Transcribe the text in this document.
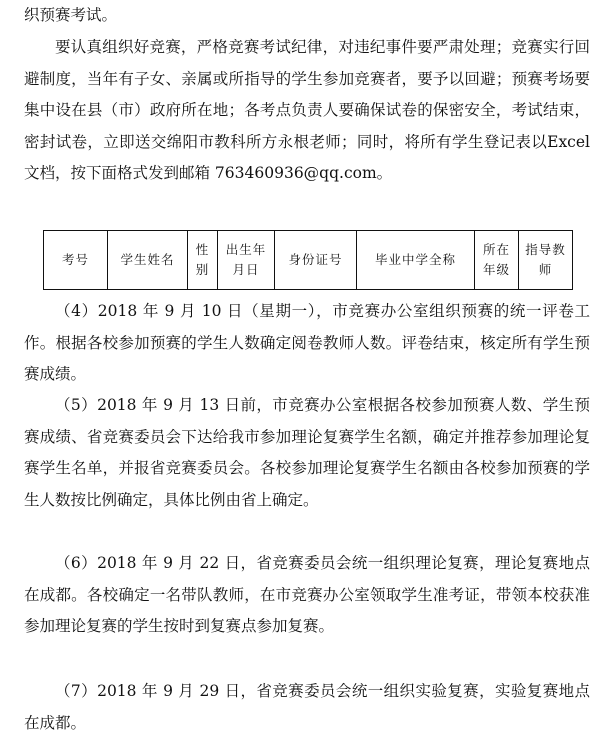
织预赛考试。

要认真组织好竞赛，严格竞赛考试纪律，对违纪事件要严肃处理；竞赛实行回避制度，当年有子女、亲属或所指导的学生参加竞赛者，要予以回避；预赛考场要集中设在县（市）政府所在地；各考点负责人要确保试卷的保密安全，考试结束，密封试卷，立即送交绵阳市教科所方永根老师；同时，将所有学生登记表以Excel 文档，按下面格式发到邮箱 763460936@qq.com。

考号	学生姓名	性别	出生年月日	身份证号	毕业中学全称	所在年级	指导教师

（4）2018 年 9 月 10 日（星期一），市竞赛办公室组织预赛的统一评卷工作。根据各校参加预赛的学生人数确定阅卷教师人数。评卷结束，核定所有学生预赛成绩。

（5）2018 年 9 月 13 日前，市竞赛办公室根据各校参加预赛人数、学生预赛成绩、省竞赛委员会下达给我市参加理论复赛学生名额，确定并推荐参加理论复赛学生名单，并报省竞赛委员会。各校参加理论复赛学生名额由各校参加预赛的学生人数按比例确定，具体比例由省上确定。

（6）2018 年 9 月 22 日，省竞赛委员会统一组织理论复赛，理论复赛地点在成都。各校确定一名带队教师，在市竞赛办公室领取学生准考证，带领本校获准参加理论复赛的学生按时到复赛点参加复赛。

（7）2018 年 9 月 29 日，省竞赛委员会统一组织实验复赛，实验复赛地点在成都。
